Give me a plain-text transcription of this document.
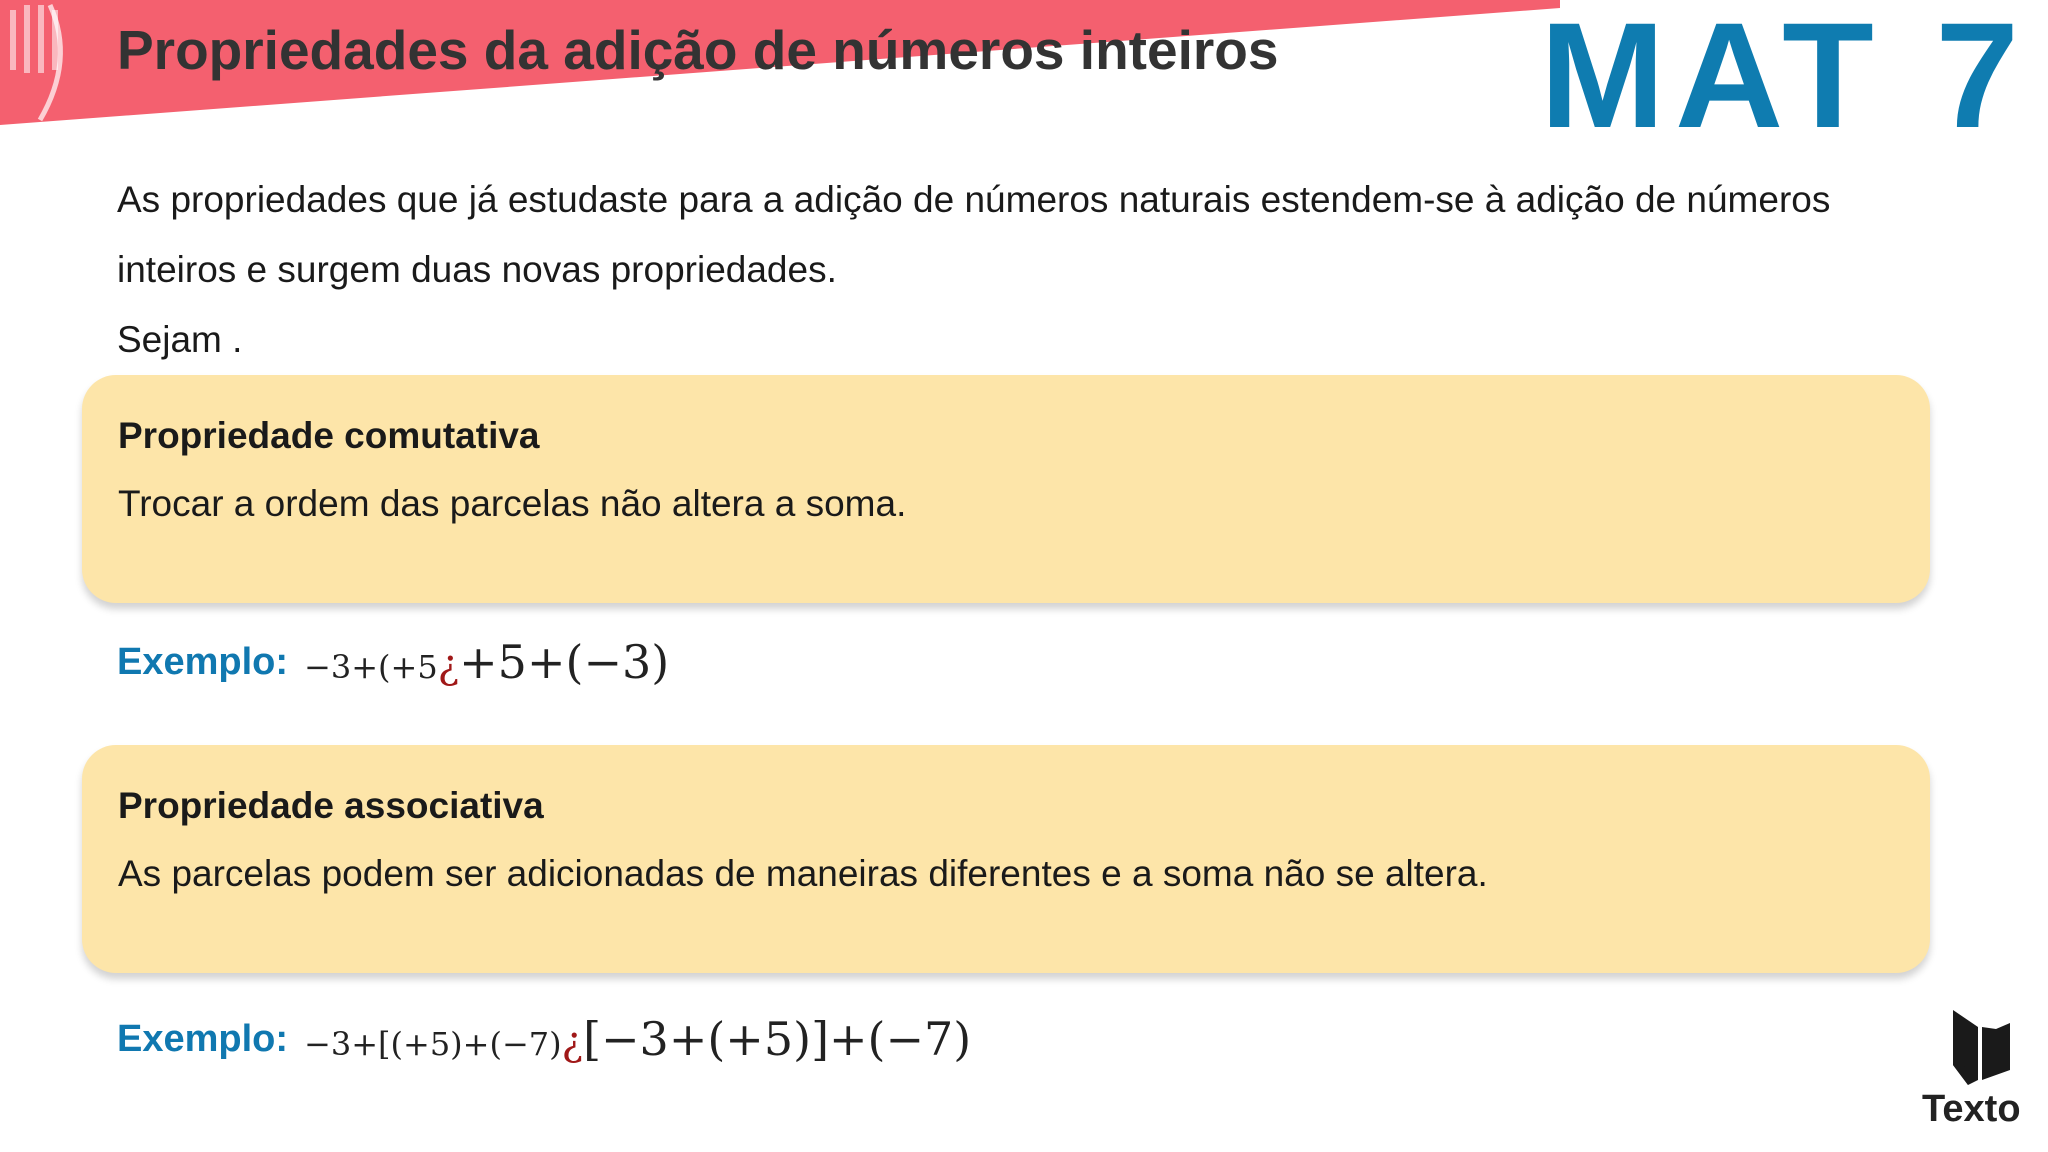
Propriedades da adição de números inteiros MAT 7

As propriedades que já estudaste para a adição de números naturais estendem-se à adição de números

inteiros e surgem duas novas propriedades.

Sejam .

Propriedade comutativa
Trocar a ordem das parcelas não altera a soma.
Exemplo: −3+(+5¿+5+(−3)
Propriedade associativa
As parcelas podem ser adicionadas de maneiras diferentes e a soma não se altera.
Exemplo: −3+[(+5)+(−7)¿[−3+(+5)]+(−7)
Texto
